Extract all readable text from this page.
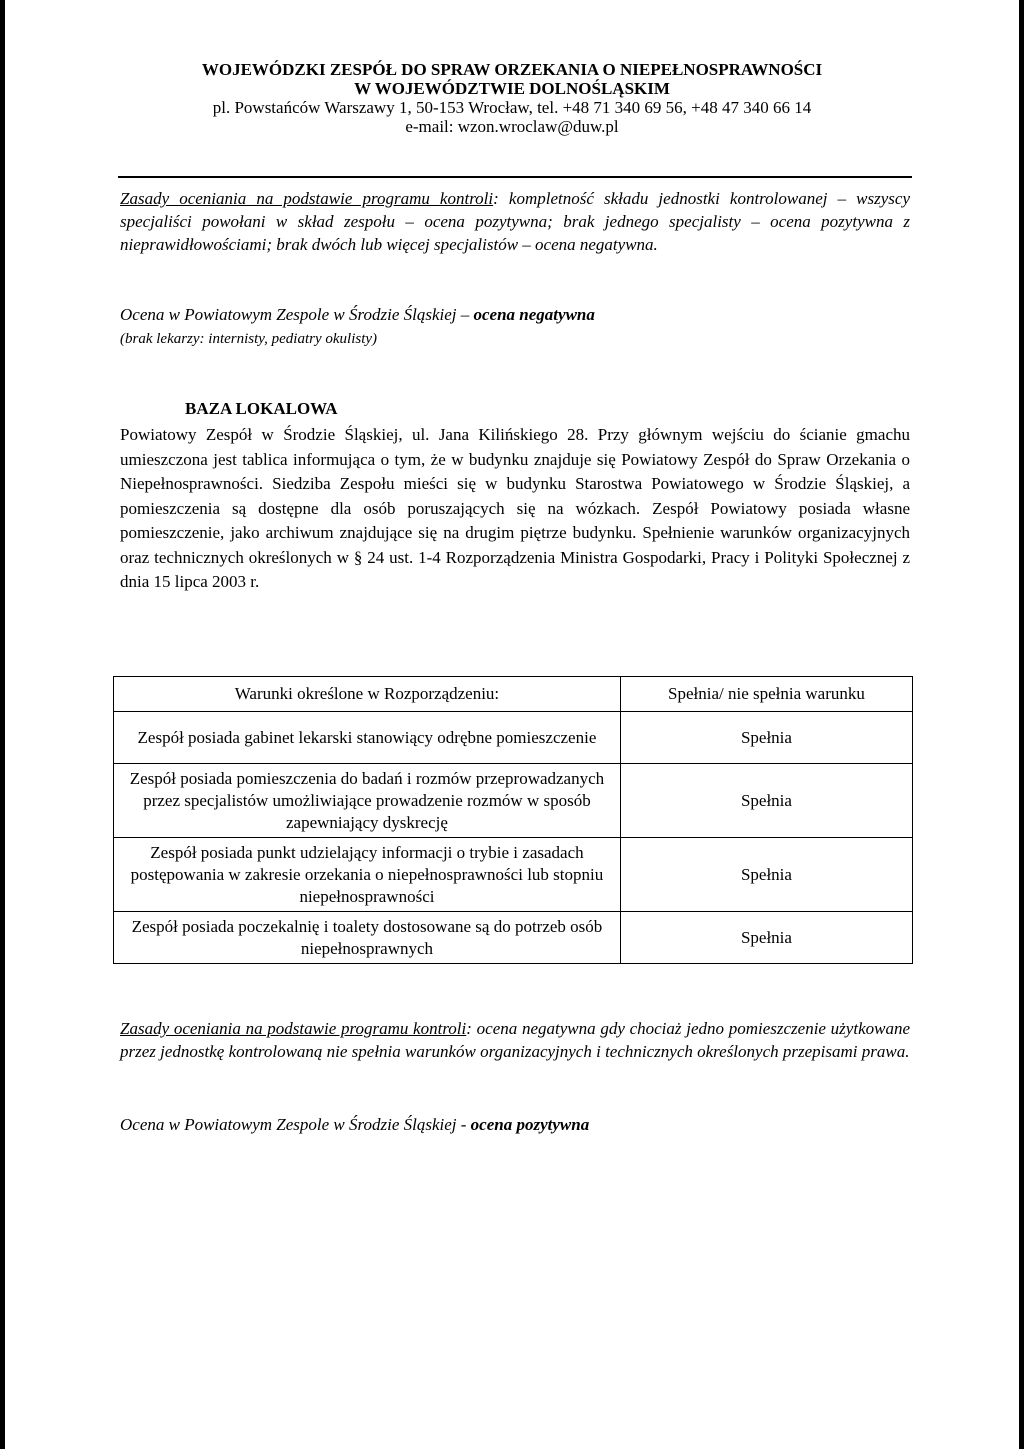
WOJEWÓDZKI ZESPÓŁ DO SPRAW ORZEKANIA O NIEPEŁNOSPRAWNOŚCI
W WOJEWÓDZTWIE DOLNOŚLĄSKIM
pl. Powstańców Warszawy 1, 50-153 Wrocław, tel. +48 71 340 69 56, +48 47 340 66 14
e-mail: wzon.wroclaw@duw.pl
Zasady oceniania na podstawie programu kontroli: kompletność składu jednostki kontrolowanej – wszyscy specjaliści powołani w skład zespołu – ocena pozytywna; brak jednego specjalisty – ocena pozytywna z nieprawidłowościami; brak dwóch lub więcej specjalistów – ocena negatywna.
Ocena w Powiatowym Zespole w Środzie Śląskiej – ocena negatywna
(brak lekarzy: internisty, pediatry okulisty)
BAZA LOKALOWA
Powiatowy Zespół w Środzie Śląskiej, ul. Jana Kilińskiego 28. Przy głównym wejściu do ścianie gmachu umieszczona jest tablica informująca o tym, że w budynku znajduje się Powiatowy Zespół do Spraw Orzekania o Niepełnosprawności. Siedziba Zespołu mieści się w budynku Starostwa Powiatowego w Środzie Śląskiej, a pomieszczenia są dostępne dla osób poruszających się na wózkach. Zespół Powiatowy posiada własne pomieszczenie, jako archiwum znajdujące się na drugim piętrze budynku. Spełnienie warunków organizacyjnych oraz technicznych określonych w § 24 ust. 1-4 Rozporządzenia Ministra Gospodarki, Pracy i Polityki Społecznej z dnia 15 lipca 2003 r.
Warunki określone w Rozporządzeniu:	Spełnia/ nie spełnia warunku
Zespół posiada gabinet lekarski stanowiący odrębne pomieszczenie	Spełnia
Zespół posiada pomieszczenia do badań i rozmów przeprowadzanych przez specjalistów umożliwiające prowadzenie rozmów w sposób zapewniający dyskrecję	Spełnia
Zespół posiada punkt udzielający informacji o trybie i zasadach postępowania w zakresie orzekania o niepełnosprawności lub stopniu niepełnosprawności	Spełnia
Zespół posiada poczekalnię i toalety dostosowane są do potrzeb osób niepełnosprawnych	Spełnia
Zasady oceniania na podstawie programu kontroli: ocena negatywna gdy chociaż jedno pomieszczenie użytkowane przez jednostkę kontrolowaną nie spełnia warunków organizacyjnych i technicznych określonych przepisami prawa.
Ocena w Powiatowym Zespole w Środzie Śląskiej - ocena pozytywna
